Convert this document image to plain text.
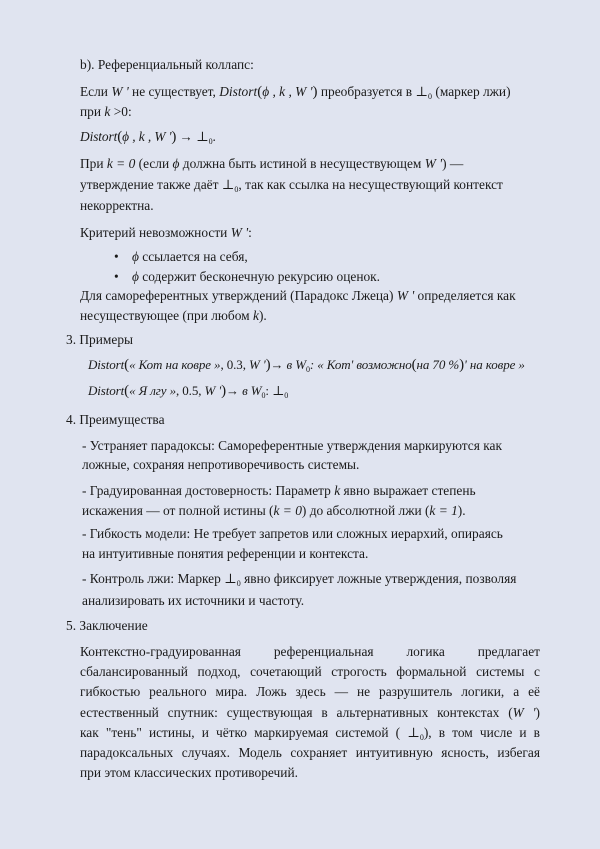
b). Референциальный коллапс:
Если W ' не существует, Distort(ϕ , k , W ') преобразуется в $\perp_0$ (маркер лжи)
при k >0:
Distort(ϕ , k , W ') → $\perp_0$.
При k = 0 (если ϕ должна быть истиной в несуществующем W ') —
утверждение также даёт $\perp_0$, так как ссылка на несуществующий контекст
некорректна.
Критерий невозможности W ':
• ϕ ссылается на себя,
• ϕ содержит бесконечную рекурсию оценок.
Для самореферентных утверждений (Парадокс Лжеца) W ' определяется как
несуществующее (при любом k).
3. Примеры
Distort(« Кот на ковре », 0.3, W ')→ в $W_0$: « Кот' возможно(на 70 %)' на ковре »
Distort(« Я лгу », 0.5, W ')→ в $W_0$: $\perp_0$
4. Преимущества
- Устраняет парадоксы: Самореферентные утверждения маркируются как
ложные, сохраняя непротиворечивость системы.
- Градуированная достоверность: Параметр k явно выражает степень
искажения — от полной истины (k = 0) до абсолютной лжи (k = 1).
- Гибкость модели: Не требует запретов или сложных иерархий, опираясь
на интуитивные понятия референции и контекста.
- Контроль лжи: Маркер $\perp_0$ явно фиксирует ложные утверждения, позволяя
анализировать их источники и частоту.
5. Заключение
Контекстно-градуированная референциальная логика предлагает
сбалансированный подход, сочетающий строгость формальной системы с
гибкостью реального мира. Ложь здесь — не разрушитель логики, а её
естественный спутник: существующая в альтернативных контекстах (W ')
как "тень" истины, и чётко маркируемая системой ( $\perp_0$), в том числе и в
парадоксальных случаях. Модель сохраняет интуитивную ясность, избегая
при этом классических противоречий.
